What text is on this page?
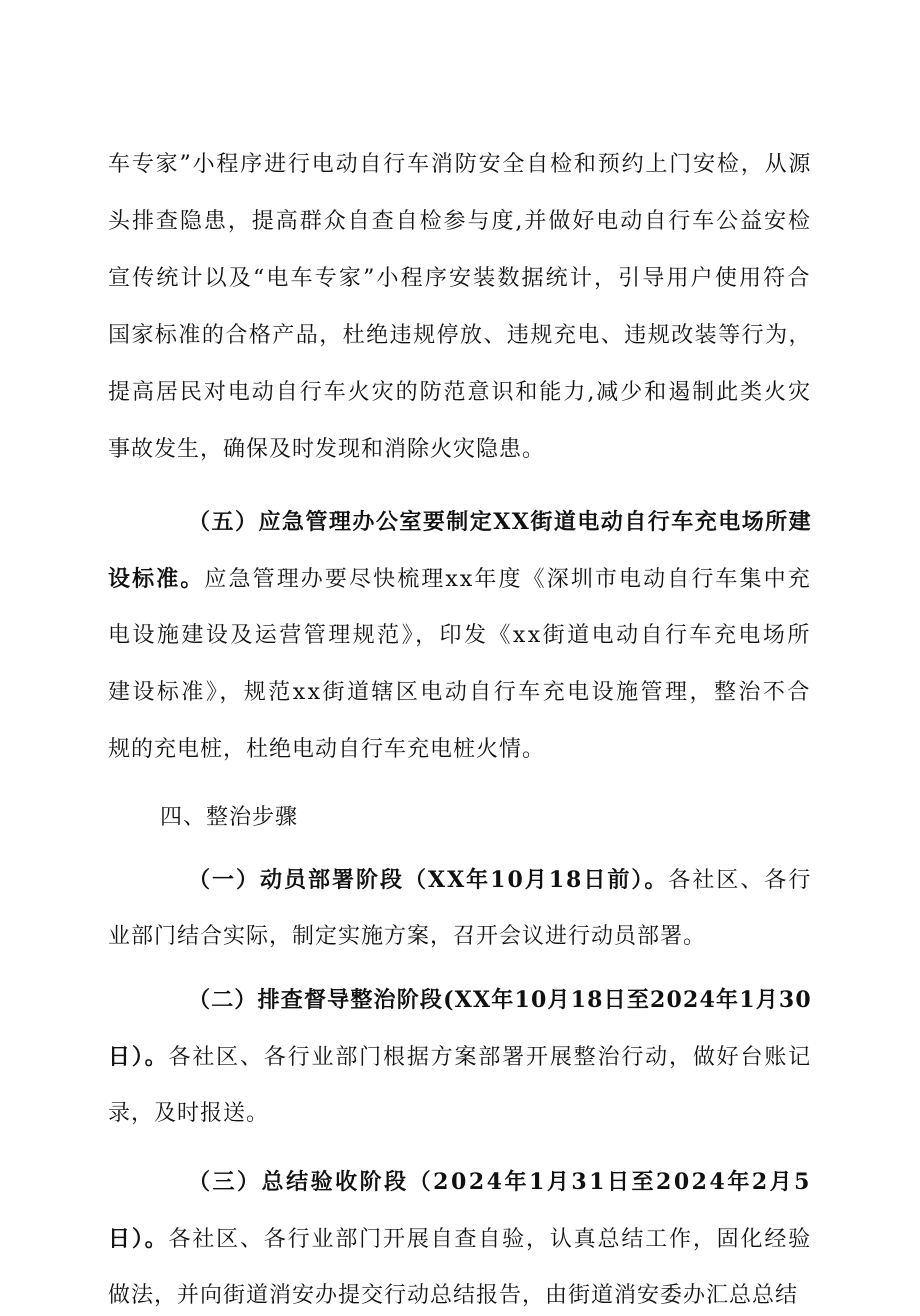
车专家”小程序进行电动自行车消防安全自检和预约上门安检，从源
头排查隐患，提高群众自查自检参与度,并做好电动自行车公益安检
宣传统计以及“电车专家”小程序安装数据统计，引导用户使用符合
国家标准的合格产品，杜绝违规停放、违规充电、违规改装等行为，
提高居民对电动自行车火灾的防范意识和能力,减少和遏制此类火灾
事故发生，确保及时发现和消除火灾隐患。
（五）应急管理办公室要制定XX街道电动自行车充电场所建
设标准。应急管理办要尽快梳理xx年度《深圳市电动自行车集中充
电设施建设及运营管理规范》，印发《xx街道电动自行车充电场所
建设标准》，规范xx街道辖区电动自行车充电设施管理，整治不合
规的充电桩，杜绝电动自行车充电桩火情。
四、整治步骤
（一）动员部署阶段（XX年10月18日前）。各社区、各行
业部门结合实际，制定实施方案，召开会议进行动员部署。
（二）排查督导整治阶段(XX年10月18日至2024年1月30
日）。各社区、各行业部门根据方案部署开展整治行动，做好台账记
录，及时报送。
（三）总结验收阶段（2024年1月31日至2024年2月5
日）。各社区、各行业部门开展自查自验，认真总结工作，固化经验
做法，并向街道消安办提交行动总结报告，由街道消安委办汇总总结
